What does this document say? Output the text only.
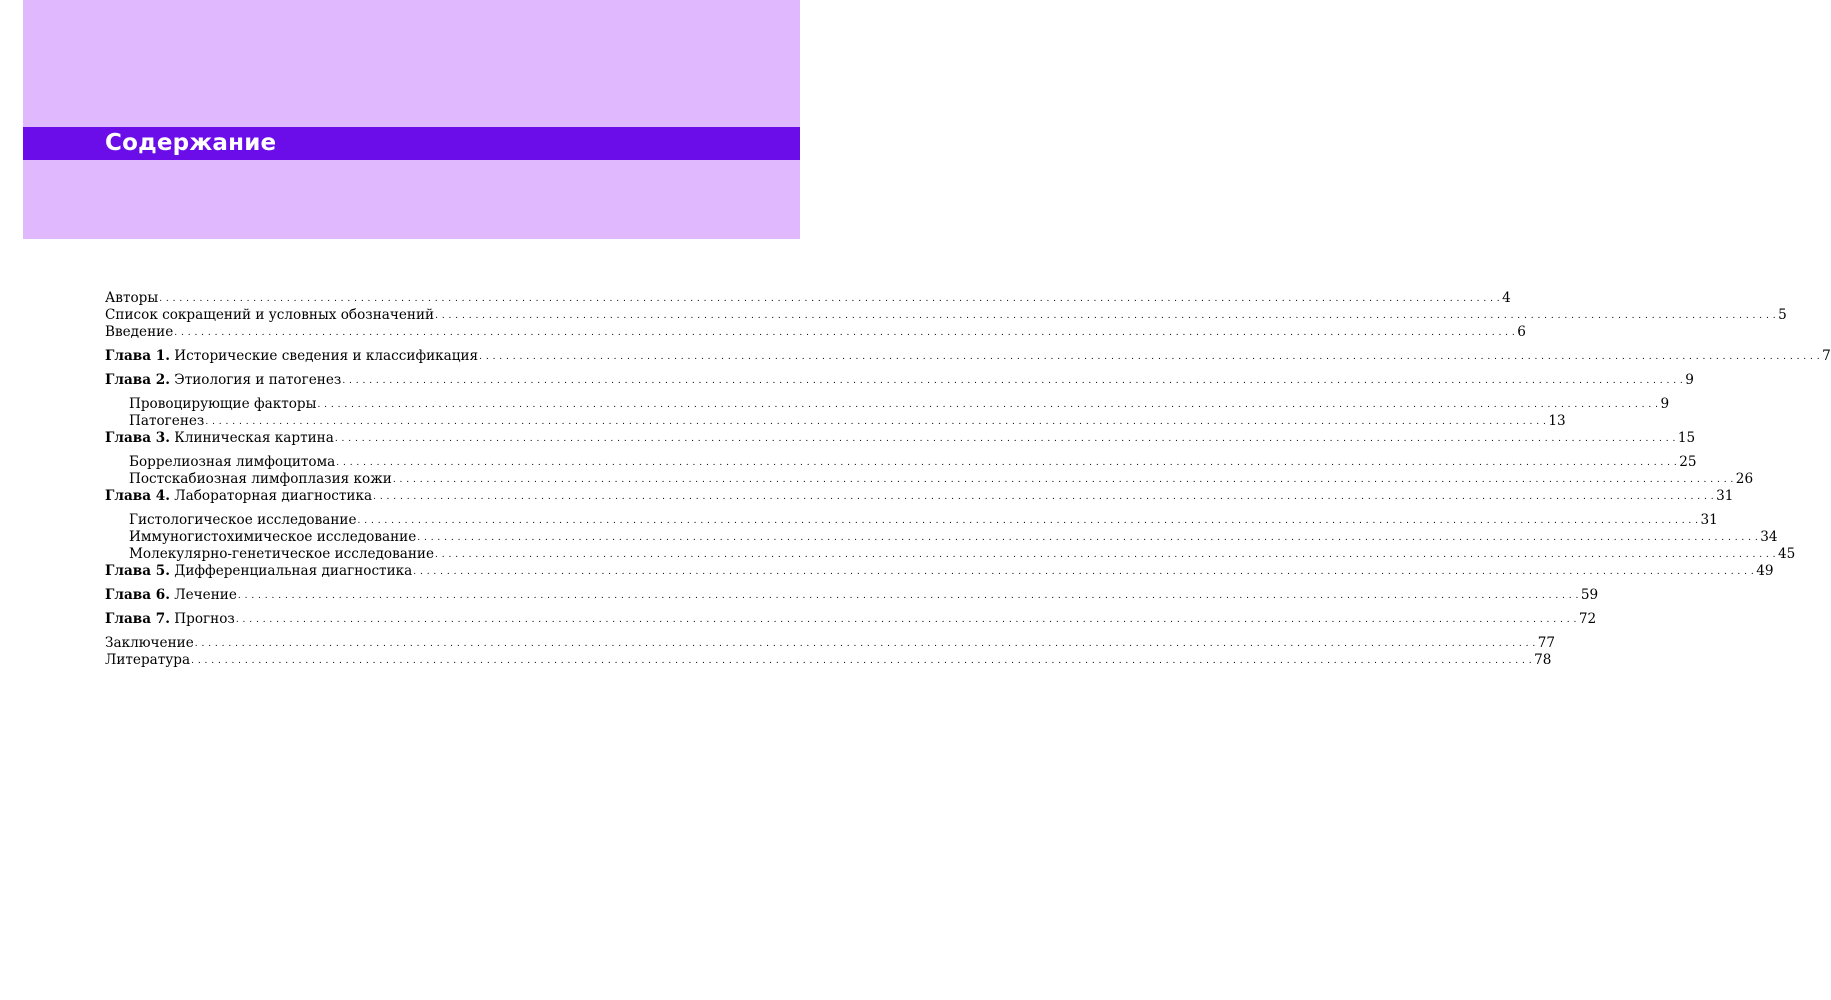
Содержание
Авторы . . . . . . . . . . . . . . . . . . . . . . . . . . . . . . . . . . . . . . . . . . . . . . . . . . . . . . . . . . . . . . . . . . . . . . . . . . . . . . . . . . . . . . . . . . . . . . . . . . . . . . . . . . . . . . . . . . . . . . . . . . . . . . . . . . . . . . . . . . . . . . . . . . . . . . . . . . . . . . . . . . . . . . . . . . . . . . . . . . . . . . . . . . . . . . . . . . . . . . . . 4
Список сокращений и условных обозначений . . . . . . . . . . . . . . . . . . . . . . . . . . . . . . . . . . . . . . . . . . . . . . . . . . . . . . . . . . . . . . . . . . . . . . . . . . . . . . . . . . . . . . . . . . . . . . . . . . . . . . . . . . . . . . . . . . . . . . . . . . . . . . . . . . . . . . . . . . . . . . . . . . . . . . . . . . . . . . . . . . . . . . . . . . . . . . . . . . . . . . . . . . . . . . . . . . . . . . . . 5
Введение . . . . . . . . . . . . . . . . . . . . . . . . . . . . . . . . . . . . . . . . . . . . . . . . . . . . . . . . . . . . . . . . . . . . . . . . . . . . . . . . . . . . . . . . . . . . . . . . . . . . . . . . . . . . . . . . . . . . . . . . . . . . . . . . . . . . . . . . . . . . . . . . . . . . . . . . . . . . . . . . . . . . . . . . . . . . . . . . . . . . . . . . . . . . . . . . . . . . . . . . 6
Глава 1. Исторические сведения и классификация . . . . . . . . . . . . . . . . . . . . . . . . . . . . . . . . . . . . . . . . . . . . . . . . . . . . . . . . . . . . . . . . . . . . . . . . . . . . . . . . . . . . . . . . . . . . . . . . . . . . . . . . . . . . . . . . . . . . . . . . . . . . . . . . . . . . . . . . . . . . . . . . . . . . . . . . . . . . . . . . . . . . . . . . . . . . . . . . . . . . . . . . . . . . . . . . . . . . . . . . 7
Глава 2. Этиология и патогенез . . . . . . . . . . . . . . . . . . . . . . . . . . . . . . . . . . . . . . . . . . . . . . . . . . . . . . . . . . . . . . . . . . . . . . . . . . . . . . . . . . . . . . . . . . . . . . . . . . . . . . . . . . . . . . . . . . . . . . . . . . . . . . . . . . . . . . . . . . . . . . . . . . . . . . . . . . . . . . . . . . . . . . . . . . . . . . . . . . . . . . . . . . . . . . . . . . . . . . . . 9
Провоцирующие факторы . . . . . . . . . . . . . . . . . . . . . . . . . . . . . . . . . . . . . . . . . . . . . . . . . . . . . . . . . . . . . . . . . . . . . . . . . . . . . . . . . . . . . . . . . . . . . . . . . . . . . . . . . . . . . . . . . . . . . . . . . . . . . . . . . . . . . . . . . . . . . . . . . . . . . . . . . . . . . . . . . . . . . . . . . . . . . . . . . . . . . . . . . . . . . . . . . . . . . . . . 9
Патогенез . . . . . . . . . . . . . . . . . . . . . . . . . . . . . . . . . . . . . . . . . . . . . . . . . . . . . . . . . . . . . . . . . . . . . . . . . . . . . . . . . . . . . . . . . . . . . . . . . . . . . . . . . . . . . . . . . . . . . . . . . . . . . . . . . . . . . . . . . . . . . . . . . . . . . . . . . . . . . . . . . . . . . . . . . . . . . . . . . . . . . . . . . . . . . . . . . . . . . . . . 13
Глава 3. Клиническая картина . . . . . . . . . . . . . . . . . . . . . . . . . . . . . . . . . . . . . . . . . . . . . . . . . . . . . . . . . . . . . . . . . . . . . . . . . . . . . . . . . . . . . . . . . . . . . . . . . . . . . . . . . . . . . . . . . . . . . . . . . . . . . . . . . . . . . . . . . . . . . . . . . . . . . . . . . . . . . . . . . . . . . . . . . . . . . . . . . . . . . . . . . . . . . . . . . . . . . . . . 15
Боррелиозная лимфоцитома . . . . . . . . . . . . . . . . . . . . . . . . . . . . . . . . . . . . . . . . . . . . . . . . . . . . . . . . . . . . . . . . . . . . . . . . . . . . . . . . . . . . . . . . . . . . . . . . . . . . . . . . . . . . . . . . . . . . . . . . . . . . . . . . . . . . . . . . . . . . . . . . . . . . . . . . . . . . . . . . . . . . . . . . . . . . . . . . . . . . . . . . . . . . . . . . . . . . . . . . 25
Постскабиозная лимфоплазия кожи . . . . . . . . . . . . . . . . . . . . . . . . . . . . . . . . . . . . . . . . . . . . . . . . . . . . . . . . . . . . . . . . . . . . . . . . . . . . . . . . . . . . . . . . . . . . . . . . . . . . . . . . . . . . . . . . . . . . . . . . . . . . . . . . . . . . . . . . . . . . . . . . . . . . . . . . . . . . . . . . . . . . . . . . . . . . . . . . . . . . . . . . . . . . . . . . . . . . . . . . 26
Глава 4. Лабораторная диагностика . . . . . . . . . . . . . . . . . . . . . . . . . . . . . . . . . . . . . . . . . . . . . . . . . . . . . . . . . . . . . . . . . . . . . . . . . . . . . . . . . . . . . . . . . . . . . . . . . . . . . . . . . . . . . . . . . . . . . . . . . . . . . . . . . . . . . . . . . . . . . . . . . . . . . . . . . . . . . . . . . . . . . . . . . . . . . . . . . . . . . . . . . . . . . . . . . . . . . . . . 31
Гистологическое исследование . . . . . . . . . . . . . . . . . . . . . . . . . . . . . . . . . . . . . . . . . . . . . . . . . . . . . . . . . . . . . . . . . . . . . . . . . . . . . . . . . . . . . . . . . . . . . . . . . . . . . . . . . . . . . . . . . . . . . . . . . . . . . . . . . . . . . . . . . . . . . . . . . . . . . . . . . . . . . . . . . . . . . . . . . . . . . . . . . . . . . . . . . . . . . . . . . . . . . . . . 31
Иммуногистохимическое исследование . . . . . . . . . . . . . . . . . . . . . . . . . . . . . . . . . . . . . . . . . . . . . . . . . . . . . . . . . . . . . . . . . . . . . . . . . . . . . . . . . . . . . . . . . . . . . . . . . . . . . . . . . . . . . . . . . . . . . . . . . . . . . . . . . . . . . . . . . . . . . . . . . . . . . . . . . . . . . . . . . . . . . . . . . . . . . . . . . . . . . . . . . . . . . . . . . . . . . . . . 34
Молекулярно-генетическое исследование . . . . . . . . . . . . . . . . . . . . . . . . . . . . . . . . . . . . . . . . . . . . . . . . . . . . . . . . . . . . . . . . . . . . . . . . . . . . . . . . . . . . . . . . . . . . . . . . . . . . . . . . . . . . . . . . . . . . . . . . . . . . . . . . . . . . . . . . . . . . . . . . . . . . . . . . . . . . . . . . . . . . . . . . . . . . . . . . . . . . . . . . . . . . . . . . . . . . . . . . 45
Глава 5. Дифференциальная диагностика . . . . . . . . . . . . . . . . . . . . . . . . . . . . . . . . . . . . . . . . . . . . . . . . . . . . . . . . . . . . . . . . . . . . . . . . . . . . . . . . . . . . . . . . . . . . . . . . . . . . . . . . . . . . . . . . . . . . . . . . . . . . . . . . . . . . . . . . . . . . . . . . . . . . . . . . . . . . . . . . . . . . . . . . . . . . . . . . . . . . . . . . . . . . . . . . . . . . . . . . 49
Глава 6. Лечение . . . . . . . . . . . . . . . . . . . . . . . . . . . . . . . . . . . . . . . . . . . . . . . . . . . . . . . . . . . . . . . . . . . . . . . . . . . . . . . . . . . . . . . . . . . . . . . . . . . . . . . . . . . . . . . . . . . . . . . . . . . . . . . . . . . . . . . . . . . . . . . . . . . . . . . . . . . . . . . . . . . . . . . . . . . . . . . . . . . . . . . . . . . . . . . . . . . . . . . . 59
Глава 7. Прогноз . . . . . . . . . . . . . . . . . . . . . . . . . . . . . . . . . . . . . . . . . . . . . . . . . . . . . . . . . . . . . . . . . . . . . . . . . . . . . . . . . . . . . . . . . . . . . . . . . . . . . . . . . . . . . . . . . . . . . . . . . . . . . . . . . . . . . . . . . . . . . . . . . . . . . . . . . . . . . . . . . . . . . . . . . . . . . . . . . . . . . . . . . . . . . . . . . . . . . . . . 72
Заключение . . . . . . . . . . . . . . . . . . . . . . . . . . . . . . . . . . . . . . . . . . . . . . . . . . . . . . . . . . . . . . . . . . . . . . . . . . . . . . . . . . . . . . . . . . . . . . . . . . . . . . . . . . . . . . . . . . . . . . . . . . . . . . . . . . . . . . . . . . . . . . . . . . . . . . . . . . . . . . . . . . . . . . . . . . . . . . . . . . . . . . . . . . . . . . . . . . . . . . . . 77
Литература . . . . . . . . . . . . . . . . . . . . . . . . . . . . . . . . . . . . . . . . . . . . . . . . . . . . . . . . . . . . . . . . . . . . . . . . . . . . . . . . . . . . . . . . . . . . . . . . . . . . . . . . . . . . . . . . . . . . . . . . . . . . . . . . . . . . . . . . . . . . . . . . . . . . . . . . . . . . . . . . . . . . . . . . . . . . . . . . . . . . . . . . . . . . . . . . . . . . . . . . 78
